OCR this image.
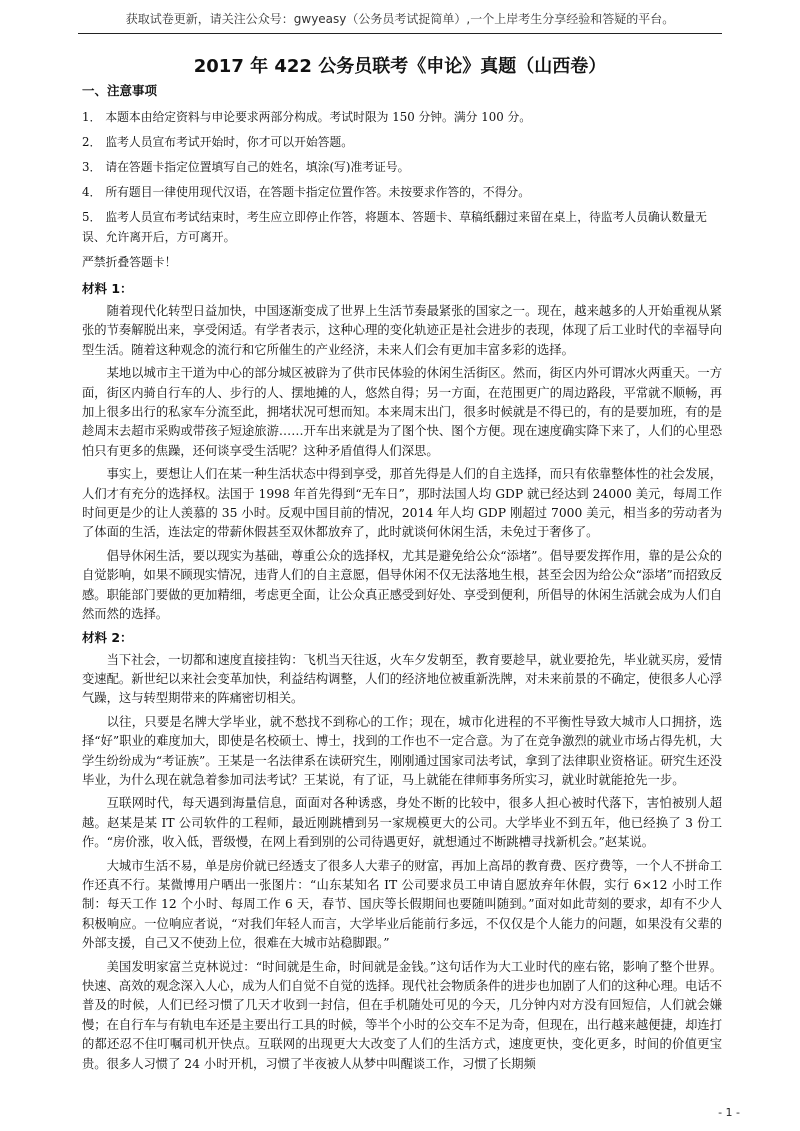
获取试卷更新，请关注公众号：gwyeasy（公务员考试捉简单）,一个上岸考生分享经验和答疑的平台。
2017 年 422 公务员联考《申论》真题（山西卷）
一、注意事项
1． 本题本由给定资料与申论要求两部分构成。考试时限为 150 分钟。满分 100 分。
2． 监考人员宣布考试开始时，你才可以开始答题。
3． 请在答题卡指定位置填写自己的姓名，填涂(写)准考证号。
4． 所有题目一律使用现代汉语，在答题卡指定位置作答。未按要求作答的，不得分。
5． 监考人员宣布考试结束时，考生应立即停止作答，将题本、答题卡、草稿纸翻过来留在桌上，待监考人员确认数量无误、允许离开后，方可离开。
严禁折叠答题卡！
材料 1：

随着现代化转型日益加快，中国逐渐变成了世界上生活节奏最紧张的国家之一。现在，越来越多的人开始重视从紧张的节奏解脱出来，享受闲适。有学者表示，这种心理的变化轨迹正是社会进步的表现，体现了后工业时代的幸福导向型生活。随着这种观念的流行和它所催生的产业经济，未来人们会有更加丰富多彩的选择。

某地以城市主干道为中心的部分城区被辟为了供市民体验的休闲生活街区。然而，街区内外可谓冰火两重天。一方面，街区内骑自行车的人、步行的人、摆地摊的人，悠然自得；另一方面，在范围更广的周边路段，平常就不顺畅，再加上很多出行的私家车分流至此，拥堵状况可想而知。本来周末出门，很多时候就是不得已的，有的是要加班，有的是趁周末去超市采购或带孩子短途旅游……开车出来就是为了图个快、图个方便。现在速度确实降下来了，人们的心里恐怕只有更多的焦躁，还何谈享受生活呢？这种矛盾值得人们深思。

事实上，要想让人们在某一种生活状态中得到享受，那首先得是人们的自主选择，而只有依靠整体性的社会发展，人们才有充分的选择权。法国于 1998 年首先得到“无车日”，那时法国人均 GDP 就已经达到 24000 美元，每周工作时间更是少的让人羡慕的 35 小时。反观中国目前的情况，2014 年人均 GDP 刚超过 7000 美元，相当多的劳动者为了体面的生活，连法定的带薪休假甚至双休都放弃了，此时就谈何休闲生活，未免过于奢侈了。

倡导休闲生活，要以现实为基础，尊重公众的选择权，尤其是避免给公众“添堵”。倡导要发挥作用，靠的是公众的自觉影响，如果不顾现实情况，违背人们的自主意愿，倡导休闲不仅无法落地生根，甚至会因为给公众“添堵”而招致反感。职能部门要做的更加精细，考虑更全面，让公众真正感受到好处、享受到便利，所倡导的休闲生活就会成为人们自然而然的选择。

材料 2：

当下社会，一切都和速度直接挂钩：飞机当天往返，火车夕发朝至，教育要趁早，就业要抢先，毕业就买房，爱情变速配。新世纪以来社会变革加快，利益结构调整，人们的经济地位被重新洗牌，对未来前景的不确定，使很多人心浮气躁，这与转型期带来的阵痛密切相关。

以往，只要是名牌大学毕业，就不愁找不到称心的工作；现在，城市化进程的不平衡性导致大城市人口拥挤，选择“好”职业的难度加大，即使是名校硕士、博士，找到的工作也不一定合意。为了在竞争激烈的就业市场占得先机，大学生纷纷成为“考证族”。王某是一名法律系在读研究生，刚刚通过国家司法考试，拿到了法律职业资格证。研究生还没毕业，为什么现在就急着参加司法考试？王某说，有了证，马上就能在律师事务所实习，就业时就能抢先一步。

互联网时代，每天遇到海量信息，面面对各种诱惑，身处不断的比较中，很多人担心被时代落下，害怕被别人超越。赵某是某 IT 公司软件的工程师，最近刚跳槽到另一家规模更大的公司。大学毕业不到五年，他已经换了 3 份工作。“房价涨，收入低，晋级慢，在网上看到别的公司待遇更好，就想通过不断跳槽寻找新机会。”赵某说。

大城市生活不易，单是房价就已经透支了很多人大辈子的财富，再加上高昂的教育费、医疗费等，一个人不拼命工作还真不行。某微博用户晒出一张图片：“山东某知名 IT 公司要求员工申请自愿放弃年休假，实行 6×12 小时工作制：每天工作 12 个小时、每周工作 6 天，春节、国庆等长假期间也要随叫随到。”面对如此苛刻的要求，却有不少人积极响应。一位响应者说，“对我们年轻人而言，大学毕业后能前行多远，不仅仅是个人能力的问题，如果没有父辈的外部支援，自己又不使劲上位，很难在大城市站稳脚跟。”

美国发明家富兰克林说过：“时间就是生命，时间就是金钱。”这句话作为大工业时代的座右铭，影响了整个世界。快速、高效的观念深入人心，成为人们自觉不自觉的选择。现代社会物质条件的进步也加剧了人们的这种心理。电话不普及的时候，人们已经习惯了几天才收到一封信，但在手机随处可见的今天，几分钟内对方没有回短信，人们就会嫌慢；在自行车与有轨电车还是主要出行工具的时候，等半个小时的公交车不足为奇，但现在，出行越来越便捷，却连打的都还忍不住叮嘱司机开快点。互联网的出现更大大改变了人们的生活方式，速度更快，变化更多，时间的价值更宝贵。很多人习惯了 24 小时开机，习惯了半夜被人从梦中叫醒谈工作，习惯了长期频

- 1 -
